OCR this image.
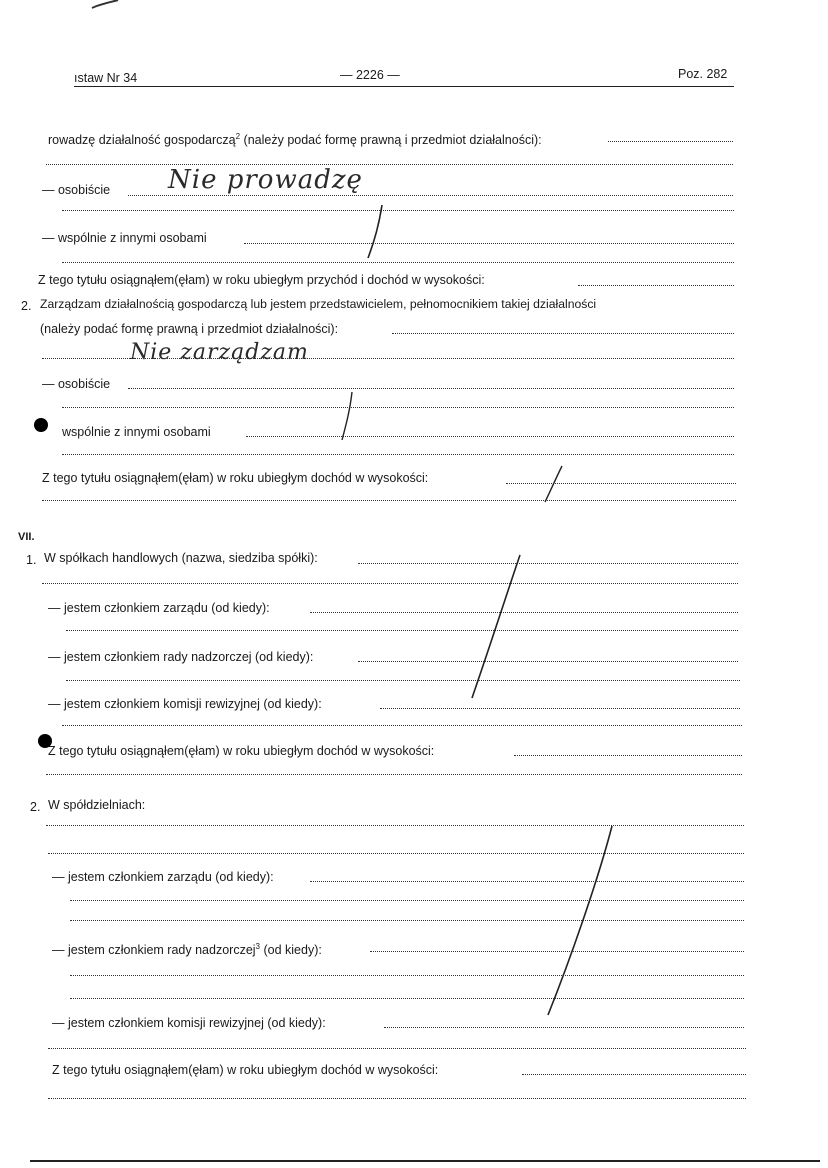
ıstaw Nr 34	— 2226 —	Poz. 282
rowadzę działalność gospodarczą$^2$ (należy podać formę prawną i przedmiot działalności):
— osobiście Nie prowadzę
— wspólnie z innymi osobami
Z tego tytułu osiągnąłem(ęłam) w roku ubiegłym przychód i dochód w wysokości:
2. Zarządzam działalnością gospodarczą lub jestem przedstawicielem, pełnomocnikiem takiej działalności
(należy podać formę prawną i przedmiot działalności):
Nie zarządzam
— osobiście
wspólnie z innymi osobami
Z tego tytułu osiągnąłem(ęłam) w roku ubiegłym dochód w wysokości:
VII.
1. W spółkach handlowych (nazwa, siedziba spółki):
— jestem członkiem zarządu (od kiedy):
— jestem członkiem rady nadzorczej (od kiedy):
— jestem członkiem komisji rewizyjnej (od kiedy):
Z tego tytułu osiągnąłem(ęłam) w roku ubiegłym dochód w wysokości:
2. W spółdzielniach:
— jestem członkiem zarządu (od kiedy):
— jestem członkiem rady nadzorczej$^3$ (od kiedy):
— jestem członkiem komisji rewizyjnej (od kiedy):
Z tego tytułu osiągnąłem(ęłam) w roku ubiegłym dochód w wysokości:
